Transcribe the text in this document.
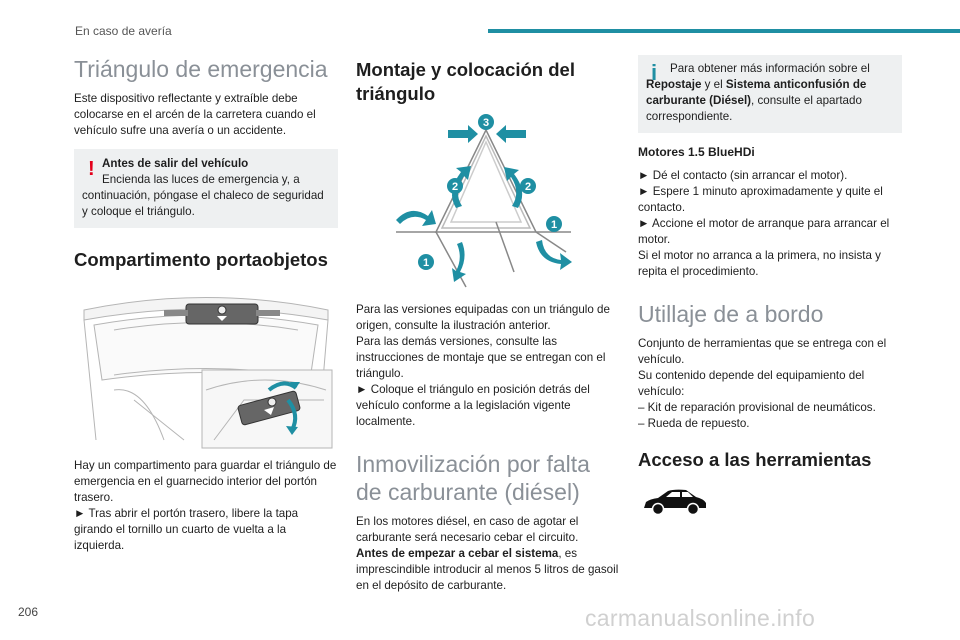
En caso de avería
Triángulo de emergencia

Este dispositivo reflectante y extraíble debe colocarse en el arcén de la carretera cuando el vehículo sufre una avería o un accidente.

! Antes de salir del vehículo

Encienda las luces de emergencia y, a continuación, póngase el chaleco de seguridad y coloque el triángulo.

Compartimento portaobjetos

Hay un compartimento para guardar el triángulo de emergencia en el guarnecido interior del portón trasero.

► Tras abrir el portón trasero, libere la tapa girando el tornillo un cuarto de vuelta a la izquierda.

Montaje y colocación del triángulo
3
2	2
1
1

Para las versiones equipadas con un triángulo de origen, consulte la ilustración anterior.

Para las demás versiones, consulte las instrucciones de montaje que se entregan con el triángulo.

► Coloque el triángulo en posición detrás del vehículo conforme a la legislación vigente localmente.

Inmovilización por falta de carburante (diésel)

En los motores diésel, en caso de agotar el carburante será necesario cebar el circuito.

Antes de empezar a cebar el sistema, es imprescindible introducir al menos 5 litros de gasoil en el depósito de carburante.

i	Para obtener más información sobre el Repostaje y el Sistema anticonfusión de carburante (Diésel), consulte el apartado correspondiente.

Motores 1.5 BlueHDi

► Dé el contacto (sin arrancar el motor).

► Espere 1 minuto aproximadamente y quite el contacto.

► Accione el motor de arranque para arrancar el motor.

Si el motor no arranca a la primera, no insista y repita el procedimiento.

Utillaje de a bordo

Conjunto de herramientas que se entrega con el vehículo.

Su contenido depende del equipamiento del vehículo:

– Kit de reparación provisional de neumáticos.

– Rueda de repuesto.

Acceso a las herramientas
206	carmanualsonline.info
